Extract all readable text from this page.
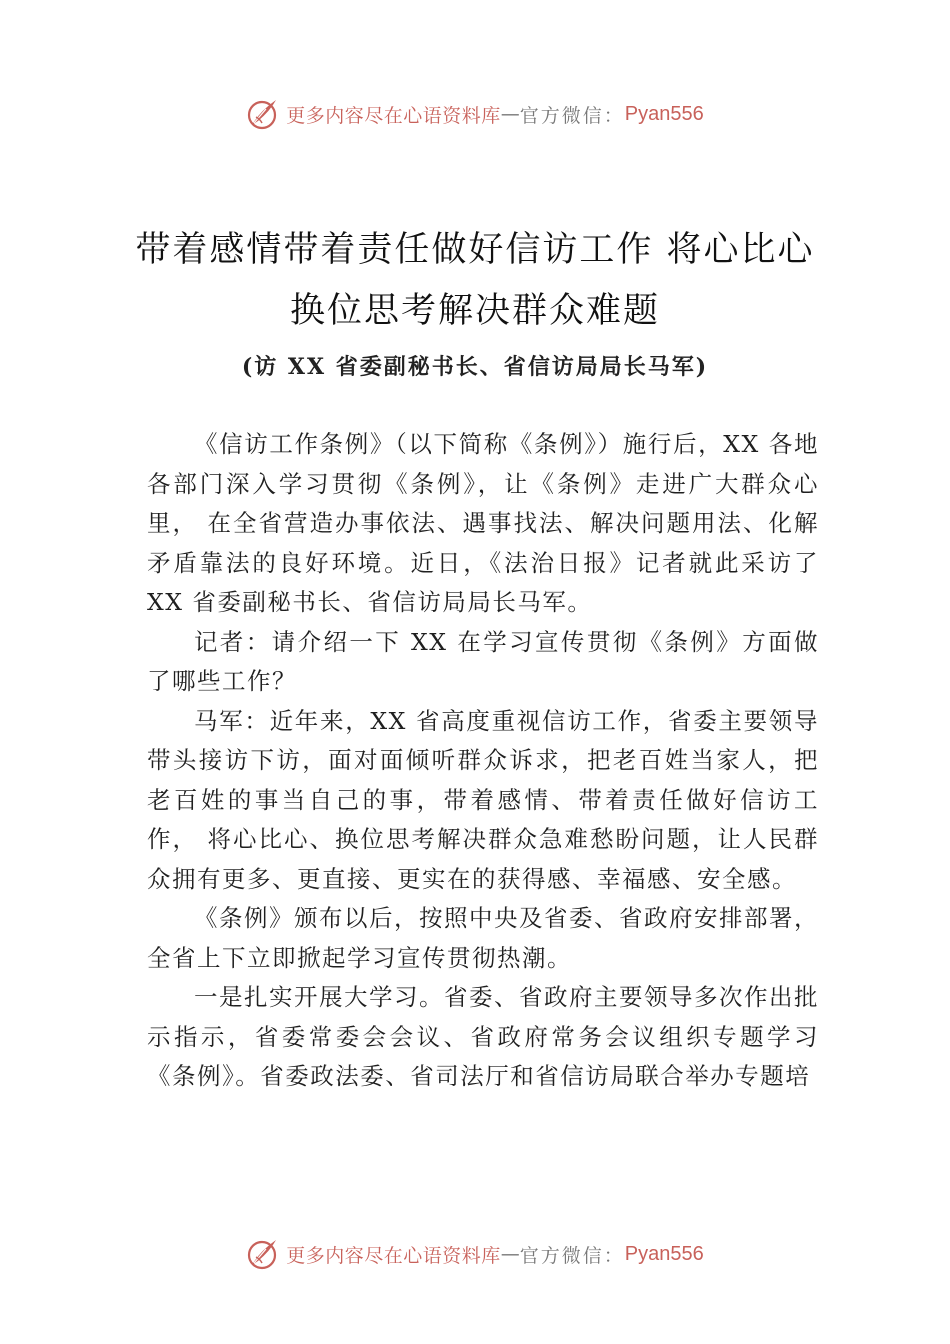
更多内容尽在心语资料库 — 官方微信： Pyan556
带着感情带着责任做好信访工作 将心比心
换位思考解决群众难题
(访 XX 省委副秘书长、省信访局局长马军)

《信访工作条例》（以下简称《条例》）施行后，XX 各地各部门深入学习贯彻《条例》，让《条例》走进广大群众心里， 在全省营造办事依法、遇事找法、解决问题用法、化解矛盾靠法的良好环境。近日，《法治日报》记者就此采访了 XX 省委副秘书长、省信访局局长马军。

记者：请介绍一下 XX 在学习宣传贯彻《条例》方面做了哪些工作？

马军：近年来，XX 省高度重视信访工作，省委主要领导带头接访下访，面对面倾听群众诉求，把老百姓当家人，把老百姓的事当自己的事，带着感情、带着责任做好信访工作， 将心比心、换位思考解决群众急难愁盼问题，让人民群众拥有更多、更直接、更实在的获得感、幸福感、安全感。

《条例》颁布以后，按照中央及省委、省政府安排部署，全省上下立即掀起学习宣传贯彻热潮。

一是扎实开展大学习。省委、省政府主要领导多次作出批示指示，省委常委会会议、省政府常务会议组织专题学习《条例》。省委政法委、省司法厅和省信访局联合举办专题培

更多内容尽在心语资料库 — 官方微信： Pyan556
